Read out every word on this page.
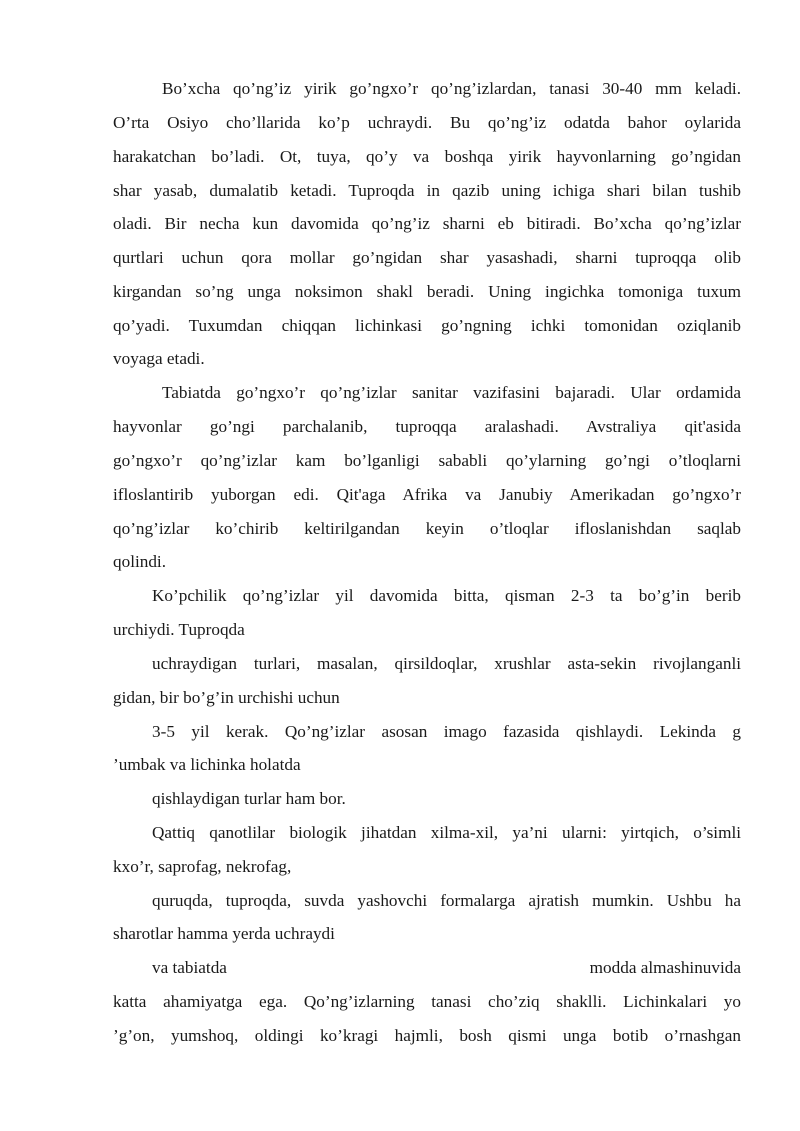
Bo’xcha qo’ng’iz yirik go’ngxo’r qo’ng’izlardan, tanasi 30-40 mm keladi.
O’rta Osiyo cho’llarida ko’p uchraydi. Bu qo’ng’iz odatda bahor oylarida
harakatchan bo’ladi. Ot, tuya, qo’y va boshqa yirik hayvonlarning go’ngidan
shar yasab, dumalatib ketadi. Tuproqda in qazib uning ichiga shari bilan tushib
oladi. Bir necha kun davomida qo’ng’iz sharni eb bitiradi. Bo’xcha qo’ng’izlar
qurtlari uchun qora mollar go’ngidan shar yasashadi, sharni tuproqqa olib
kirgandan so’ng unga noksimon shakl beradi. Uning ingichka tomoniga tuxum
qo’yadi. Tuxumdan chiqqan lichinkasi go’ngning ichki tomonidan oziqlanib
voyaga etadi.
Tabiatda go’ngxo’r qo’ng’izlar sanitar vazifasini bajaradi. Ular ordamida
hayvonlar go’ngi parchalanib, tuproqqa aralashadi. Avstraliya qit'asida
go’ngxo’r qo’ng’izlar kam bo’lganligi sababli qo’ylarning go’ngi o’tloqlarni
ifloslantirib yuborgan edi. Qit'aga Afrika va Janubiy Amerikadan go’ngxo’r
qo’ng’izlar ko’chirib keltirilgandan keyin o’tloqlar ifloslanishdan saqlab
qolindi.
Ko’pchilik qo’ng’izlar yil davomida bitta, qisman 2-3 ta bo’g’in berib
urchiydi. Tuproqda
uchraydigan turlari, masalan, qirsildoqlar, xrushlar asta-sekin rivojlanganli
gidan, bir bo’g’in urchishi uchun
3-5 yil kerak. Qo’ng’izlar asosan imago fazasida qishlaydi. Lekinda g
’umbak va lichinka holatda
qishlaydigan turlar ham bor.
Qattiq qanotlilar biologik jihatdan xilma-xil, ya’ni ularni: yirtqich, o’simli
kxo’r, saprofag, nekrofag,
quruqda, tuproqda, suvda yashovchi formalarga ajratish mumkin. Ushbu ha
sharotlar hamma yerda uchraydi
va tabiatda	modda almashinuvida
katta ahamiyatga ega. Qo’ng’izlarning tanasi cho’ziq shaklli. Lichinkalari yo
’g’on, yumshoq, oldingi ko’kragi hajmli, bosh qismi unga botib o’rnashgan
